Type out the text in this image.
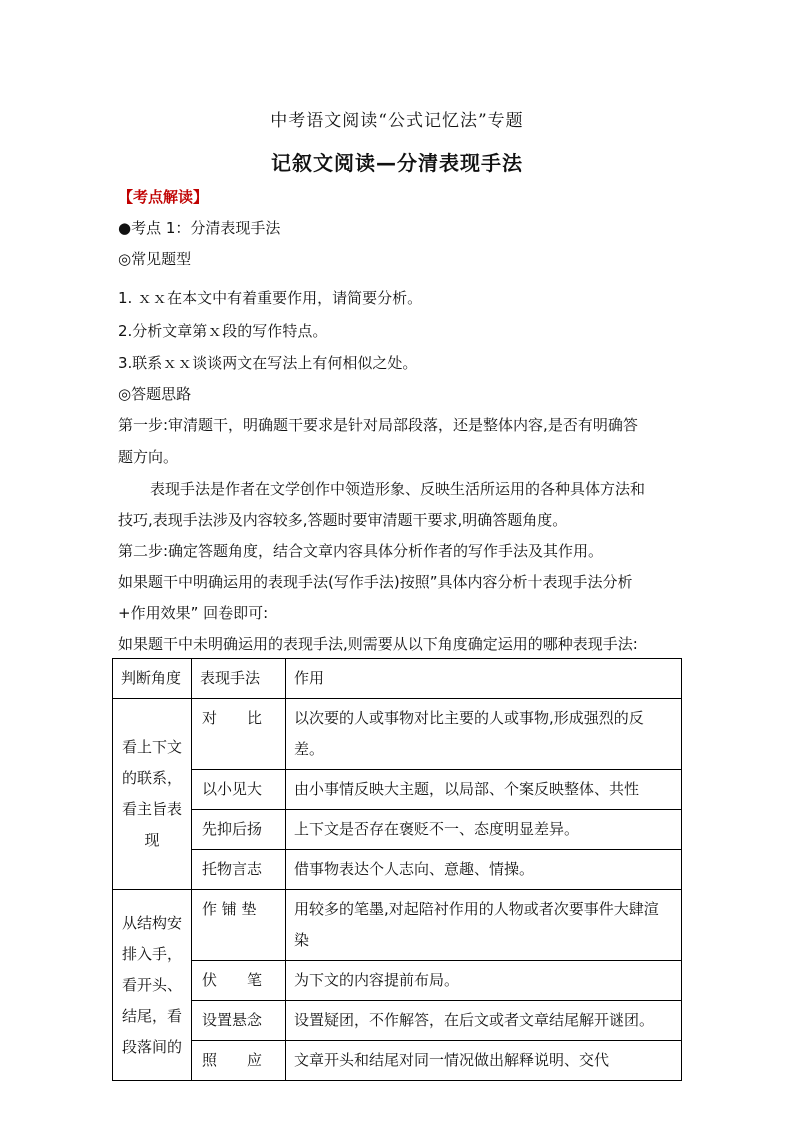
中考语文阅读“公式记忆法”专题
记叙文阅读—分清表现手法
【考点解读】
●考点 1：分清表现手法
◎常见题型
1. ｘｘ在本文中有着重要作用，请简要分析。
2.分析文章第ｘ段的写作特点。
3.联系ｘｘ谈谈两文在写法上有何相似之处。
◎答题思路
第一步:审清题干，明确题干要求是针对局部段落，还是整体内容,是否有明确答
题方向。
表现手法是作者在文学创作中领造形象、反映生活所运用的各种具体方法和
技巧,表现手法涉及内容较多,答题时要审清题干要求,明确答题角度。
第二步:确定答题角度，结合文章内容具体分析作者的写作手法及其作用。
如果题干中明确运用的表现手法(写作手法)按照”具体内容分析十表现手法分析
+作用效果” 回卷即可:
如果题干中未明确运用的表现手法,则需要从以下角度确定运用的哪种表现手法:
判断角度	表现手法	作用
看上下文的联系，看主旨表现	对　　比	以次要的人或事物对比主要的人或事物,形成强烈的反差。
	以小见大	由小事情反映大主题，以局部、个案反映整体、共性
	先抑后扬	上下文是否存在褒贬不一、态度明显差异。
	托物言志	借事物表达个人志向、意趣、情操。
从结构安排入手，看开头、结尾，看段落间的	作 铺 垫	用较多的笔墨,对起陪衬作用的人物或者次要事件大肆渲染
	伏　　笔	为下文的内容提前布局。
	设置悬念	设置疑团，不作解答，在后文或者文章结尾解开谜团。
	照　　应	文章开头和结尾对同一情况做出解释说明、交代
